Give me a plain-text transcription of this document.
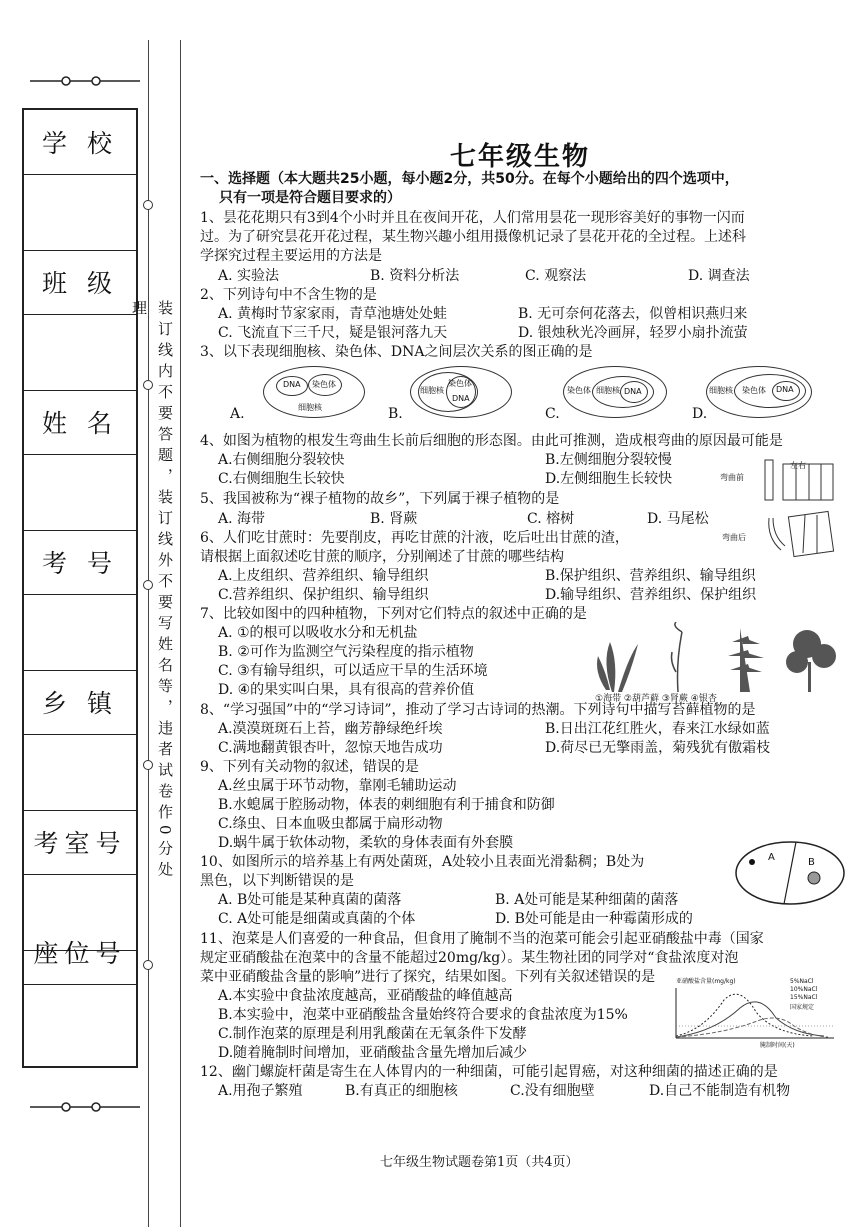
学 校
班 级
姓 名
考 号
乡 镇
考室号
座位号
装订线内不要答题，装订线外不要写姓名等，违者试卷作0分处理
七年级生物
一、选择题（本大题共25小题，每小题2分，共50分。在每个小题给出的四个选项中，
只有一项是符合题目要求的）
1、昙花花期只有3到4个小时并且在夜间开花，人们常用昙花一现形容美好的事物一闪而
过。为了研究昙花开花过程，某生物兴趣小组用摄像机记录了昙花开花的全过程。上述科
学探究过程主要运用的方法是
A. 实验法	B. 资料分析法	C. 观察法	D. 调查法
2、下列诗句中不含生物的是
A. 黄梅时节家家雨，青草池塘处处蛙	B. 无可奈何花落去，似曾相识燕归来
C. 飞流直下三千尺，疑是银河落九天	D. 银烛秋光冷画屏，轻罗小扇扑流萤
3、以下表现细胞核、染色体、DNA之间层次关系的图正确的是
A.	B.	C.	D.
DNA 染色体
细胞核
细胞核
染色体
DNA
染色体 细胞核 DNA	细胞核 染色体 DNA
4、如图为植物的根发生弯曲生长前后细胞的形态图。由此可推测，造成根弯曲的原因最可能是
A.右侧细胞分裂较快	B.左侧细胞分裂较慢
C.右侧细胞生长较快	D.左侧细胞生长较快	弯曲前
左右
弯曲后
5、我国被称为“裸子植物的故乡”，下列属于裸子植物的是
A. 海带	B. 肾蕨	C. 榕树	D. 马尾松
6、人们吃甘蔗时：先要削皮，再吃甘蔗的汁液，吃后吐出甘蔗的渣，
请根据上面叙述吃甘蔗的顺序，分别阐述了甘蔗的哪些结构
A.上皮组织、营养组织、输导组织	B.保护组织、营养组织、输导组织
C.营养组织、保护组织、输导组织	D.输导组织、营养组织、保护组织
7、比较如图中的四种植物，下列对它们特点的叙述中正确的是
A. ①的根可以吸收水分和无机盐
B. ②可作为监测空气污染程度的指示植物
C. ③有输导组织，可以适应干旱的生活环境
D. ④的果实叫白果，具有很高的营养价值
①海带 ②葫芦藓 ③肾蕨 ④银杏
8、“学习强国”中的“学习诗词”，推动了学习古诗词的热潮。下列诗句中描写苔藓植物的是
A.漠漠斑斑石上苔，幽芳静绿绝纤埃	B.日出江花红胜火，春来江水绿如蓝
C.满地翻黄银杏叶，忽惊天地告成功	D.荷尽已无擎雨盖，菊残犹有傲霜枝
9、下列有关动物的叙述，错误的是
A.丝虫属于环节动物，靠刚毛辅助运动
B.水螅属于腔肠动物，体表的刺细胞有利于捕食和防御
C.绦虫、日本血吸虫都属于扁形动物
D.蜗牛属于软体动物，柔软的身体表面有外套膜
10、如图所示的培养基上有两处菌斑，A处较小且表面光滑黏稠；B处为
黑色，以下判断错误的是
A. B处可能是某种真菌的菌落	B. A处可能是某种细菌的菌落
C. A处可能是细菌或真菌的个体	D. B处可能是由一种霉菌形成的
A	B
11、泡菜是人们喜爱的一种食品，但食用了腌制不当的泡菜可能会引起亚硝酸盐中毒（国家
规定亚硝酸盐在泡菜中的含量不能超过20mg/kg）。某生物社团的同学对“食盐浓度对泡
菜中亚硝酸盐含量的影响”进行了探究，结果如图。下列有关叙述错误的是
A.本实验中食盐浓度越高，亚硝酸盐的峰值越高
B.本实验中，泡菜中亚硝酸盐含量始终符合要求的食盐浓度为15%
C.制作泡菜的原理是利用乳酸菌在无氧条件下发酵
D.随着腌制时间增加，亚硝酸盐含量先增加后减少
亚硝酸盐含量(mg/kg)
腌制时间(天)
5%NaCl
10%NaCl
15%NaCl
国家规定
12、幽门螺旋杆菌是寄生在人体胃内的一种细菌，可能引起胃癌，对这种细菌的描述正确的是
A.用孢子繁殖	B.有真正的细胞核	C.没有细胞壁	D.自己不能制造有机物
七年级生物试题卷第1页（共4页）
